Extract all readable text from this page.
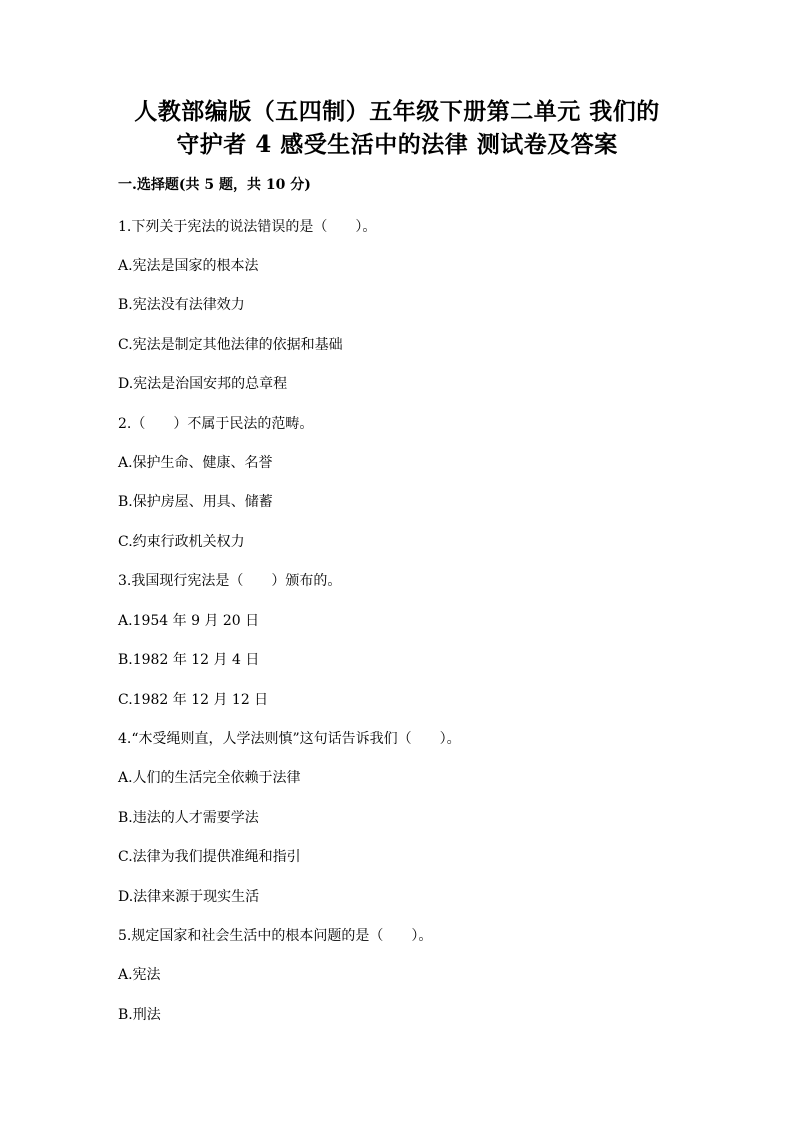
人教部编版（五四制）五年级下册第二单元 我们的
守护者 4 感受生活中的法律 测试卷及答案
一.选择题(共 5 题，共 10 分)
1.下列关于宪法的说法错误的是（　　）。
A.宪法是国家的根本法
B.宪法没有法律效力
C.宪法是制定其他法律的依据和基础
D.宪法是治国安邦的总章程
2.（　　）不属于民法的范畴。
A.保护生命、健康、名誉
B.保护房屋、用具、储蓄
C.约束行政机关权力
3.我国现行宪法是（　　）颁布的。
A.1954 年 9 月 20 日
B.1982 年 12 月 4 日
C.1982 年 12 月 12 日
4.“木受绳则直，人学法则慎”这句话告诉我们（　　）。
A.人们的生活完全依赖于法律
B.违法的人才需要学法
C.法律为我们提供准绳和指引
D.法律来源于现实生活
5.规定国家和社会生活中的根本问题的是（　　）。
A.宪法
B.刑法
